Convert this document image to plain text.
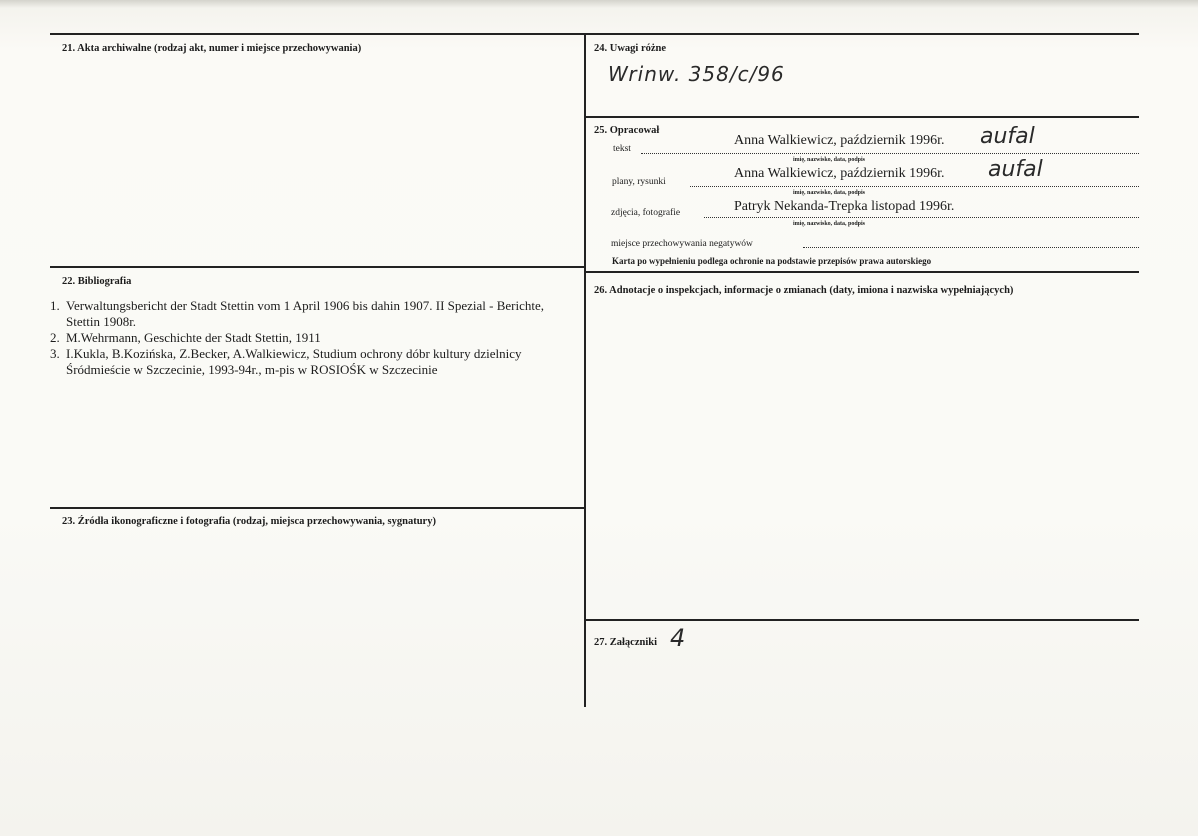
21. Akta archiwalne (rodzaj akt, numer i miejsce przechowywania)
22. Bibliografia
1. Verwaltungsbericht der Stadt Stettin vom 1 April 1906 bis dahin 1907. II Spezial - Berichte, Stettin 1908r.
2. M.Wehrmann, Geschichte der Stadt Stettin, 1911
3. I.Kukla, B.Kozińska, Z.Becker, A.Walkiewicz, Studium ochrony dóbr kultury dzielnicy Śródmieście w Szczecinie, 1993-94r., m-pis w ROSIOŚK w Szczecinie
23. Źródła ikonograficzne i fotografia (rodzaj, miejsca przechowywania, sygnatury)
24. Uwagi różne
Wrinw. 358/c/96
25. Opracował
tekst
Anna Walkiewicz, październik 1996r. aufal
imię, nazwisko, data, podpis
plany, rysunki
Anna Walkiewicz, październik 1996r. aufal
imię, nazwisko, data, podpis
zdjęcia, fotografie	Patryk Nekanda-Trepka listopad 1996r.
imię, nazwisko, data, podpis
miejsce przechowywania negatywów
Karta po wypełnieniu podlega ochronie na podstawie przepisów prawa autorskiego
26. Adnotacje o inspekcjach, informacje o zmianach (daty, imiona i nazwiska wypełniających)
27. Załączniki 4
